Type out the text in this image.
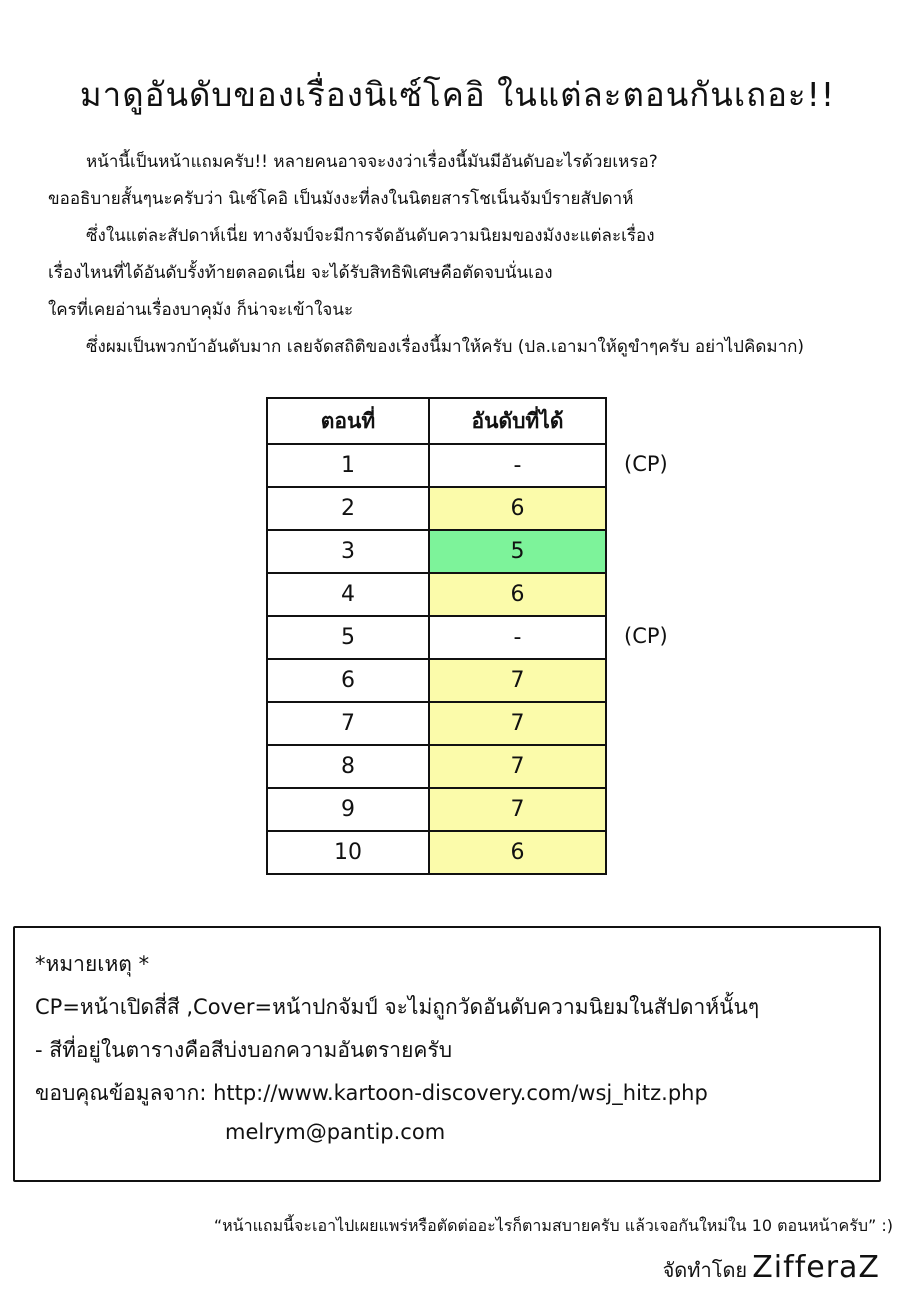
มาดูอันดับของเรื่องนิเซ์โคอิ ในแต่ละตอนกันเถอะ!!
หน้านี้เป็นหน้าแถมครับ!! หลายคนอาจจะงงว่าเรื่องนี้มันมีอันดับอะไรด้วยเหรอ?
ขออธิบายสั้นๆนะครับว่า นิเซ์โคอิ เป็นมังงะที่ลงในนิตยสารโชเน็นจัมป์รายสัปดาห์
ซึ่งในแต่ละสัปดาห์เนี่ย ทางจัมป์จะมีการจัดอันดับความนิยมของมังงะแต่ละเรื่อง
เรื่องไหนที่ได้อันดับรั้งท้ายตลอดเนี่ย จะได้รับสิทธิพิเศษคือตัดจบนั่นเอง
ใครที่เคยอ่านเรื่องบาคุมัง ก็น่าจะเข้าใจนะ
ซึ่งผมเป็นพวกบ้าอันดับมาก เลยจัดสถิติของเรื่องนี้มาให้ครับ (ปล.เอามาให้ดูขำๆครับ อย่าไปคิดมาก)
ตอนที่	อันดับที่ได้
1	-
2	6
3	5
4	6
5	-
6	7
7	7
8	7
9	7
10	6
(CP)
(CP)
*หมายเหตุ *
CP=หน้าเปิดสี่สี ,Cover=หน้าปกจัมป์ จะไม่ถูกวัดอันดับความนิยมในสัปดาห์นั้นๆ
- สีที่อยู่ในตารางคือสีบ่งบอกความอันตรายครับ
ขอบคุณข้อมูลจาก: http://www.kartoon-discovery.com/wsj_hitz.php
melrym@pantip.com
“หน้าแถมนี้จะเอาไปเผยแพร่หรือตัดต่ออะไรก็ตามสบายครับ แล้วเจอกันใหม่ใน 10 ตอนหน้าครับ” :)
จัดทำโดย ZifferaZ
